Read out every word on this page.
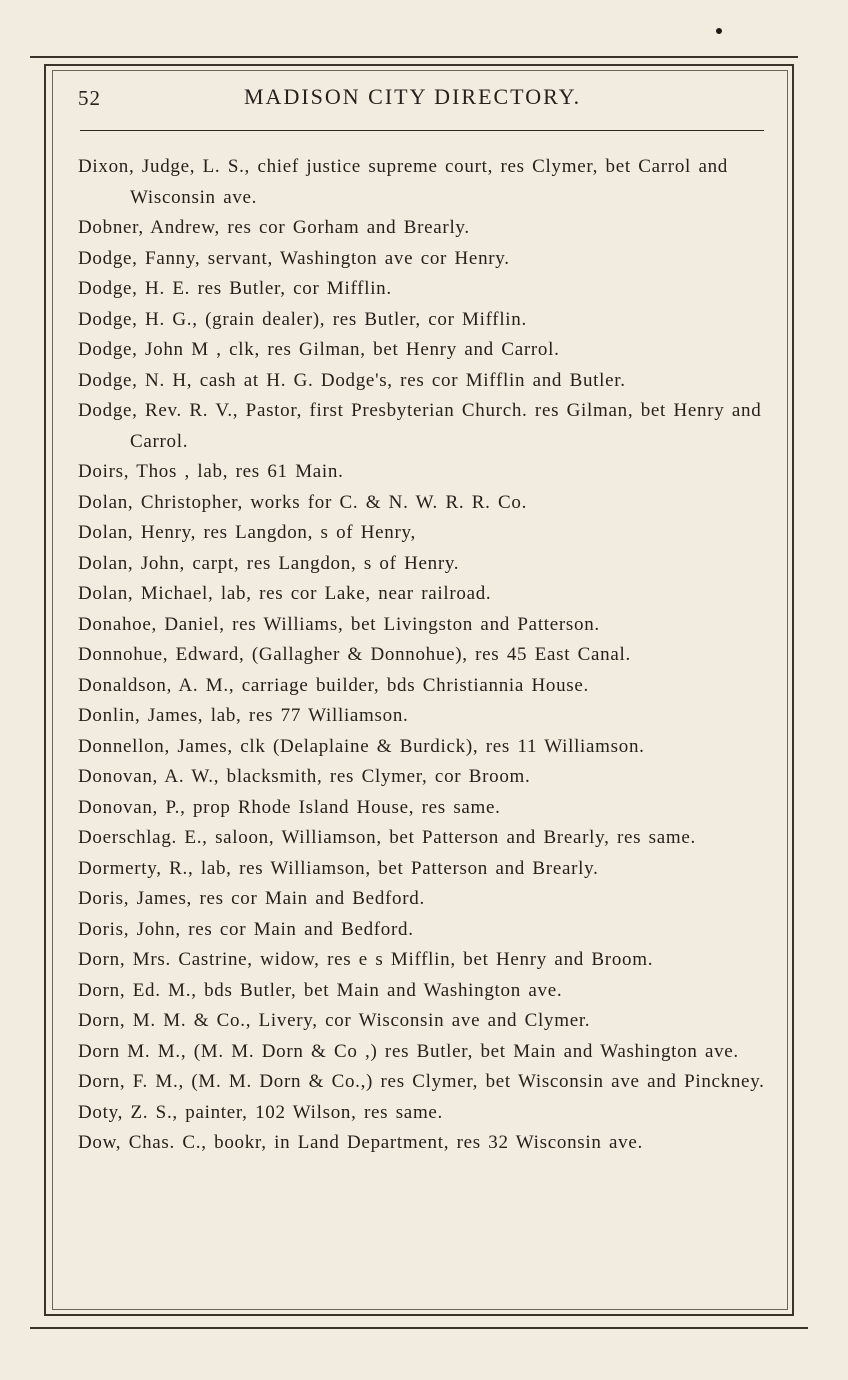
52	MADISON CITY DIRECTORY.
Dixon, Judge, L. S., chief justice supreme court, res Clymer, bet Carrol and Wisconsin ave.
Dobner, Andrew, res cor Gorham and Brearly.
Dodge, Fanny, servant, Washington ave cor Henry.
Dodge, H. E. res Butler, cor Mifflin.
Dodge, H. G., (grain dealer), res Butler, cor Mifflin.
Dodge, John M , clk, res Gilman, bet Henry and Carrol.
Dodge, N. H, cash at H. G. Dodge's, res cor Mifflin and Butler.
Dodge, Rev. R. V., Pastor, first Presbyterian Church. res Gilman, bet Henry and Carrol.
Doirs, Thos , lab, res 61 Main.
Dolan, Christopher, works for C. & N. W. R. R. Co.
Dolan, Henry, res Langdon, s of Henry,
Dolan, John, carpt, res Langdon, s of Henry.
Dolan, Michael, lab, res cor Lake, near railroad.
Donahoe, Daniel, res Williams, bet Livingston and Patterson.
Donnohue, Edward, (Gallagher & Donnohue), res 45 East Canal.
Donaldson, A. M., carriage builder, bds Christiannia House.
Donlin, James, lab, res 77 Williamson.
Donnellon, James, clk (Delaplaine & Burdick), res 11 Williamson.
Donovan, A. W., blacksmith, res Clymer, cor Broom.
Donovan, P., prop Rhode Island House, res same.
Doerschlag. E., saloon, Williamson, bet Patterson and Brearly, res same.
Dormerty, R., lab, res Williamson, bet Patterson and Brearly.
Doris, James, res cor Main and Bedford.
Doris, John, res cor Main and Bedford.
Dorn, Mrs. Castrine, widow, res e s Mifflin, bet Henry and Broom.
Dorn, Ed. M., bds Butler, bet Main and Washington ave.
Dorn, M. M. & Co., Livery, cor Wisconsin ave and Clymer.
Dorn M. M., (M. M. Dorn & Co ,) res Butler, bet Main and Washington ave.
Dorn, F. M., (M. M. Dorn & Co.,) res Clymer, bet Wisconsin ave and Pinckney.
Doty, Z. S., painter, 102 Wilson, res same.
Dow, Chas. C., bookr, in Land Department, res 32 Wisconsin ave.
